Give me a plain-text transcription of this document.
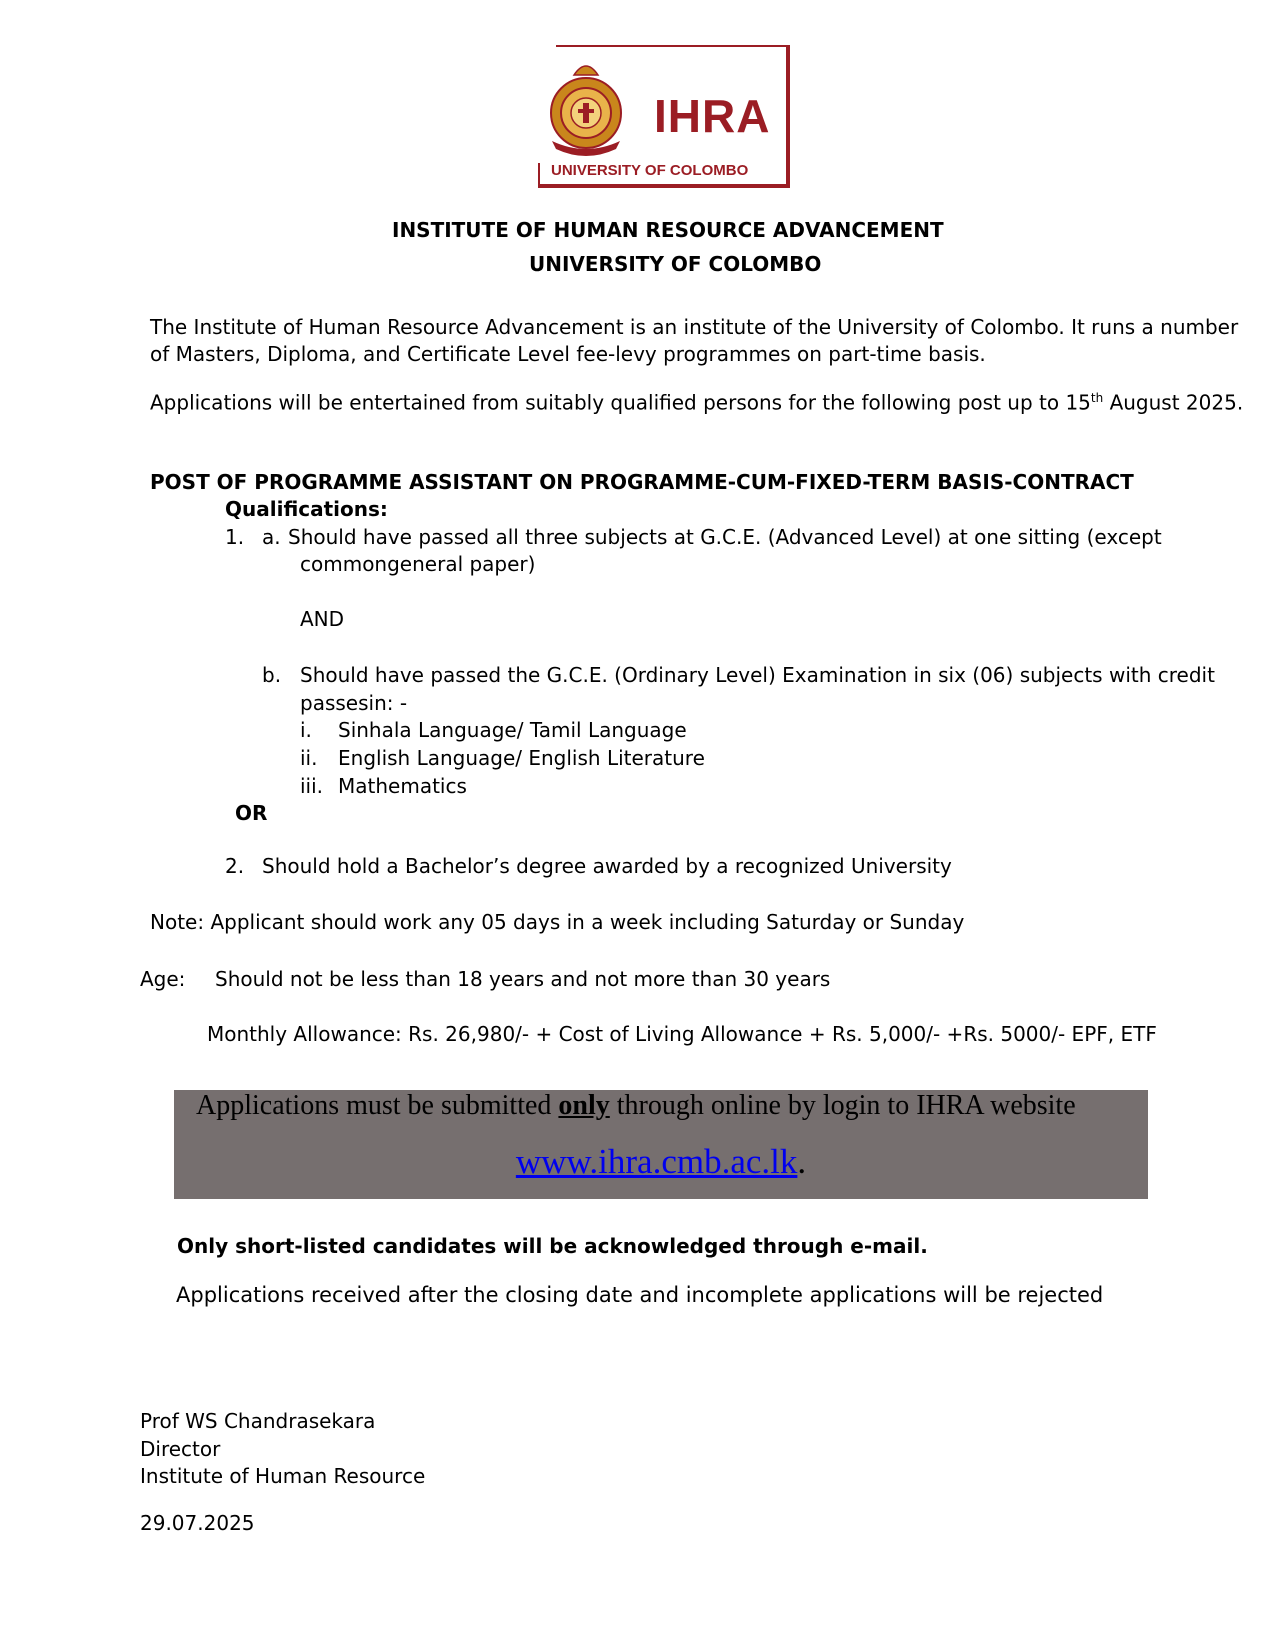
IHRA
UNIVERSITY OF COLOMBO
INSTITUTE OF HUMAN RESOURCE ADVANCEMENT
UNIVERSITY OF COLOMBO
The Institute of Human Resource Advancement is an institute of the University of Colombo. It runs a number
of Masters, Diploma, and Certificate Level fee-levy programmes on part-time basis.
Applications will be entertained from suitably qualified persons for the following post up to 15th August 2025.
POST OF PROGRAMME ASSISTANT ON PROGRAMME-CUM-FIXED-TERM BASIS-CONTRACT
Qualifications:
1. a. Should have passed all three subjects at G.C.E. (Advanced Level) at one sitting (except
commongeneral paper)
AND
b. Should have passed the G.C.E. (Ordinary Level) Examination in six (06) subjects with credit
passesin: -
i. Sinhala Language/ Tamil Language
ii. English Language/ English Literature
iii. Mathematics
OR
2. Should hold a Bachelor’s degree awarded by a recognized University
Note: Applicant should work any 05 days in a week including Saturday or Sunday
Age: Should not be less than 18 years and not more than 30 years
Monthly Allowance: Rs. 26,980/- + Cost of Living Allowance + Rs. 5,000/- +Rs. 5000/- EPF, ETF
Applications must be submitted only through online by login to IHRA website
www.ihra.cmb.ac.lk.
Only short-listed candidates will be acknowledged through e-mail.
Applications received after the closing date and incomplete applications will be rejected
Prof WS Chandrasekara
Director
Institute of Human Resource
29.07.2025
